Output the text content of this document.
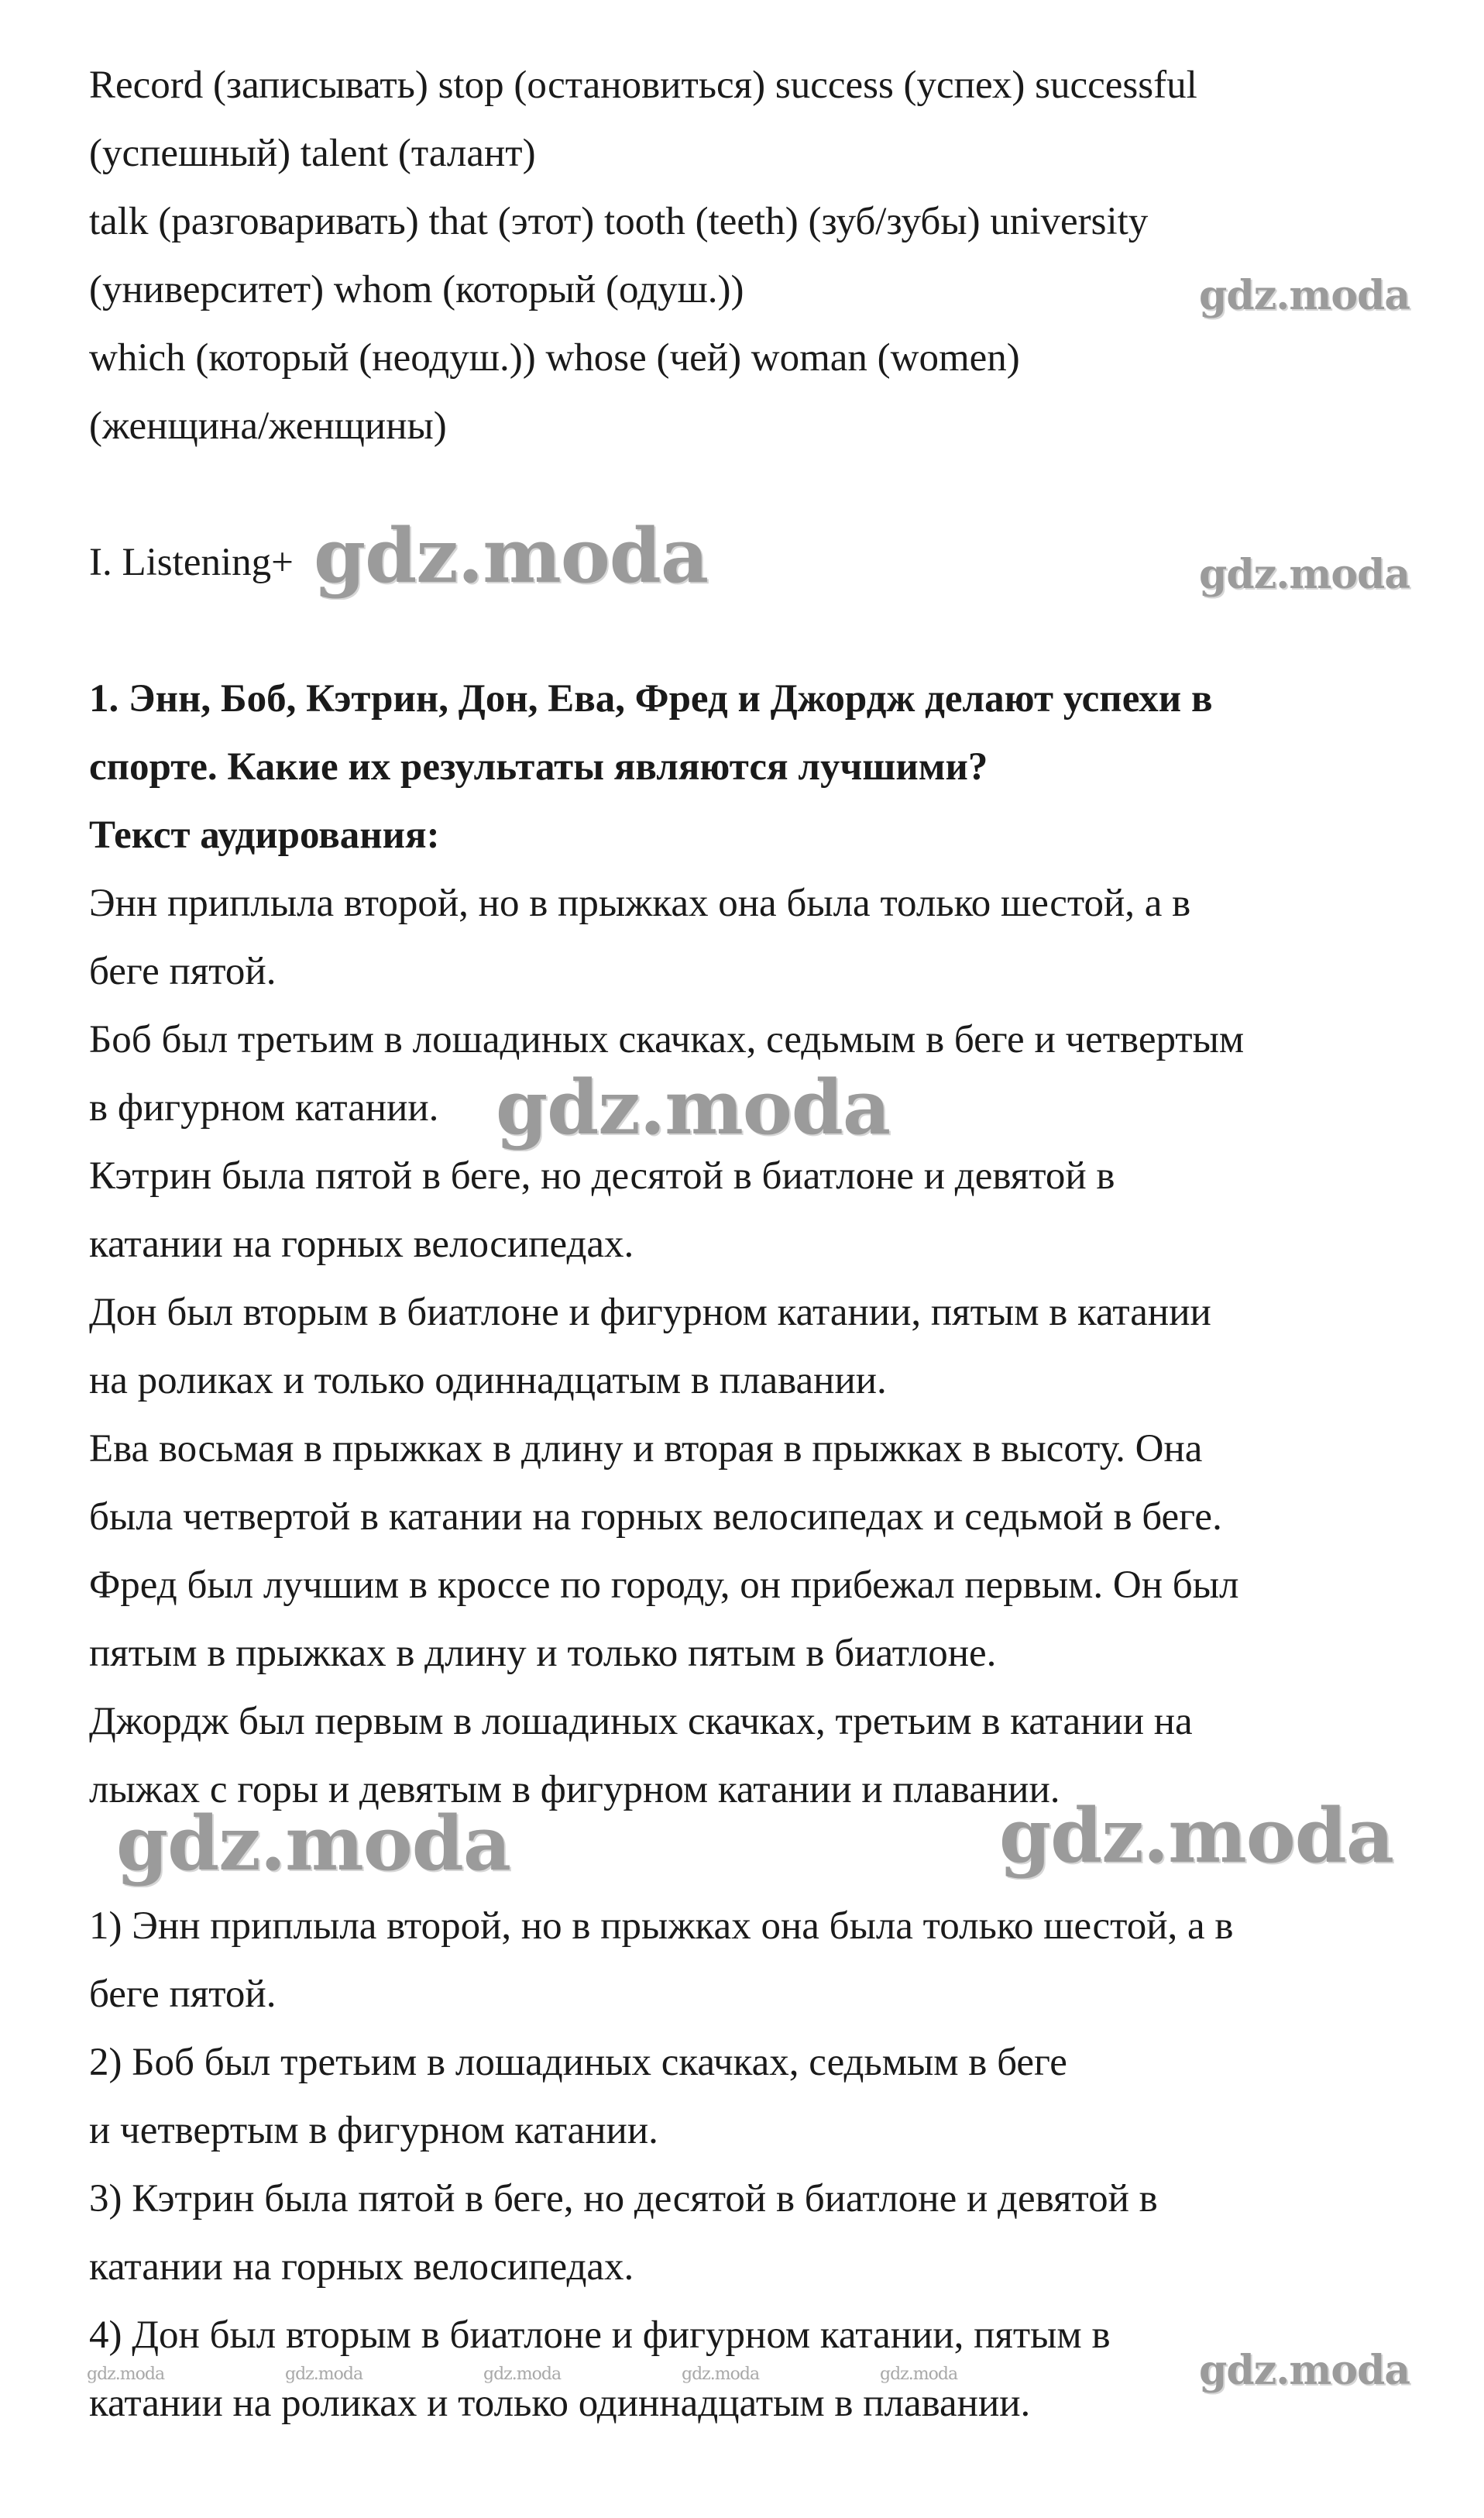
Record (записывать) stop (остановиться) success (успех) successful

(успешный) talent (талант)

talk (разговаривать) that (этот) tooth (teeth) (зуб/зубы) university

(университет) whom (который (одуш.))

which (который (неодуш.)) whose (чей) woman (women)

(женщина/женщины)

I. Listening+

1. Энн, Боб, Кэтрин, Дон, Ева, Фред и Джордж делают успехи в

спорте. Какие их результаты являются лучшими?

Текст аудирования:

Энн приплыла второй, но в прыжках она была только шестой, а в

беге пятой.

Боб был третьим в лошадиных скачках, седьмым в беге и четвертым

в фигурном катании.

Кэтрин была пятой в беге, но десятой в биатлоне и девятой в

катании на горных велосипедах.

Дон был вторым в биатлоне и фигурном катании, пятым в катании

на роликах и только одиннадцатым в плавании.

Ева восьмая в прыжках в длину и вторая в прыжках в высоту. Она

была четвертой в катании на горных велосипедах и седьмой в беге.

Фред был лучшим в кроссе по городу, он прибежал первым. Он был

пятым в прыжках в длину и только пятым в биатлоне.

Джордж был первым в лошадиных скачках, третьим в катании на

лыжах с горы и девятым в фигурном катании и плавании.

1) Энн приплыла второй, но в прыжках она была только шестой, а в

беге пятой.

2) Боб был третьим в лошадиных скачках, седьмым в беге

и четвертым в фигурном катании.

3) Кэтрин была пятой в беге, но десятой в биатлоне и девятой в

катании на горных велосипедах.

4) Дон был вторым в биатлоне и фигурном катании, пятым в

катании на роликах и только одиннадцатым в плавании.

gdz.moda
gdz.moda	gdz.moda
gdz.moda
gdz.moda	gdz.moda
gdz.moda
gdz.moda	gdz.moda	gdz.moda	gdz.moda	gdz.moda
